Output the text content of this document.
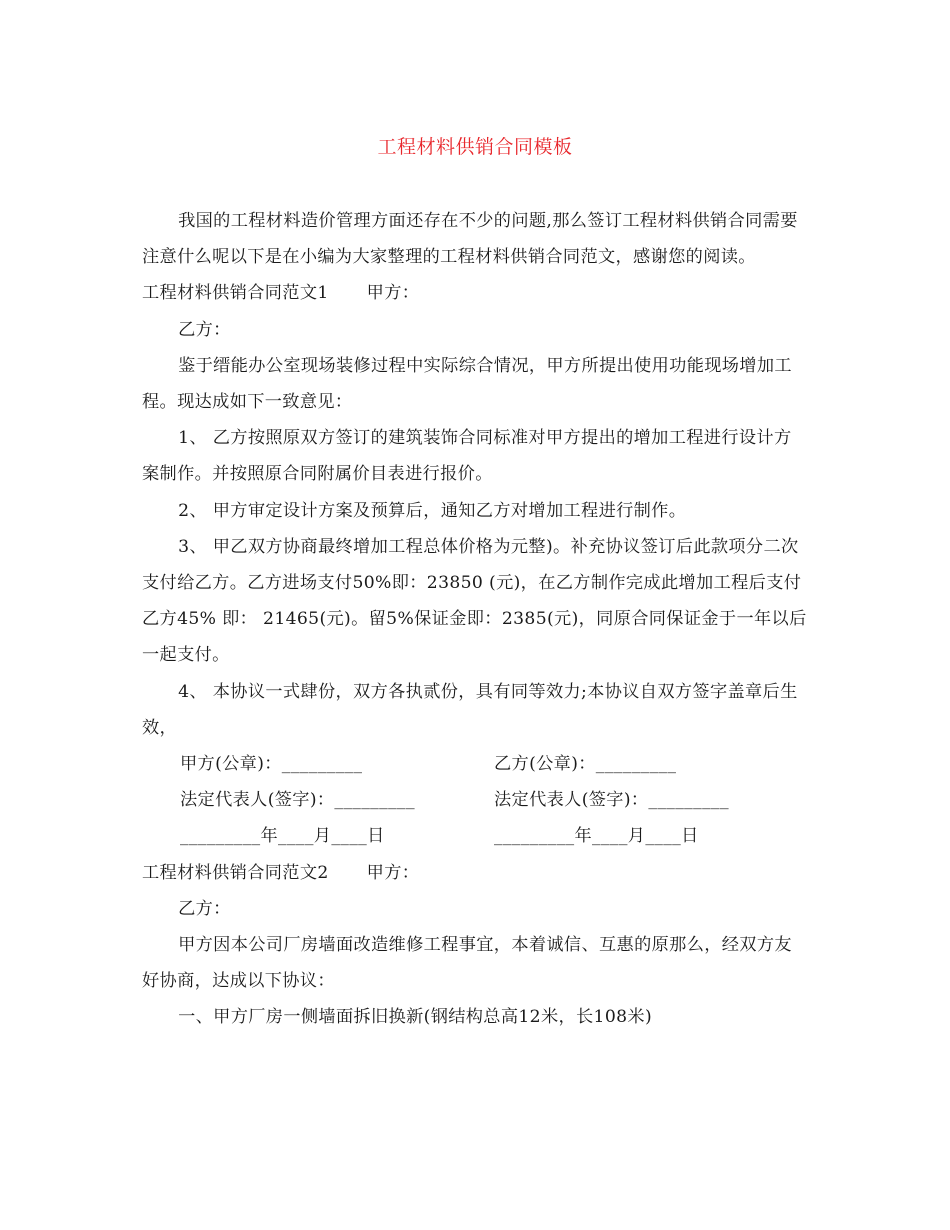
工程材料供销合同模板

我国的工程材料造价管理方面还存在不少的问题,那么签订工程材料供销合同需要注意什么呢以下是在小编为大家整理的工程材料供销合同范文，感谢您的阅读。

工程材料供销合同范文1 甲方：

乙方：

鉴于缙能办公室现场装修过程中实际综合情况，甲方所提出使用功能现场增加工程。现达成如下一致意见：

1、 乙方按照原双方签订的建筑装饰合同标准对甲方提出的增加工程进行设计方案制作。并按照原合同附属价目表进行报价。

2、 甲方审定设计方案及预算后，通知乙方对增加工程进行制作。

3、 甲乙双方协商最终增加工程总体价格为元整)。补充协议签订后此款项分二次支付给乙方。乙方进场支付50%即：23850 (元)，在乙方制作完成此增加工程后支付乙方45% 即： 21465(元)。留5%保证金即：2385(元)，同原合同保证金于一年以后一起支付。

4、 本协议一式肆份，双方各执贰份，具有同等效力;本协议自双方签字盖章后生效，

甲方(公章)：_________	乙方(公章)：_________
法定代表人(签字)：_________	法定代表人(签字)：_________
_________年____月____日	_________年____月____日

工程材料供销合同范文2 甲方：

乙方：

甲方因本公司厂房墙面改造维修工程事宜，本着诚信、互惠的原那么，经双方友好协商，达成以下协议：

一、甲方厂房一侧墙面拆旧换新(钢结构总高12米，长108米)
